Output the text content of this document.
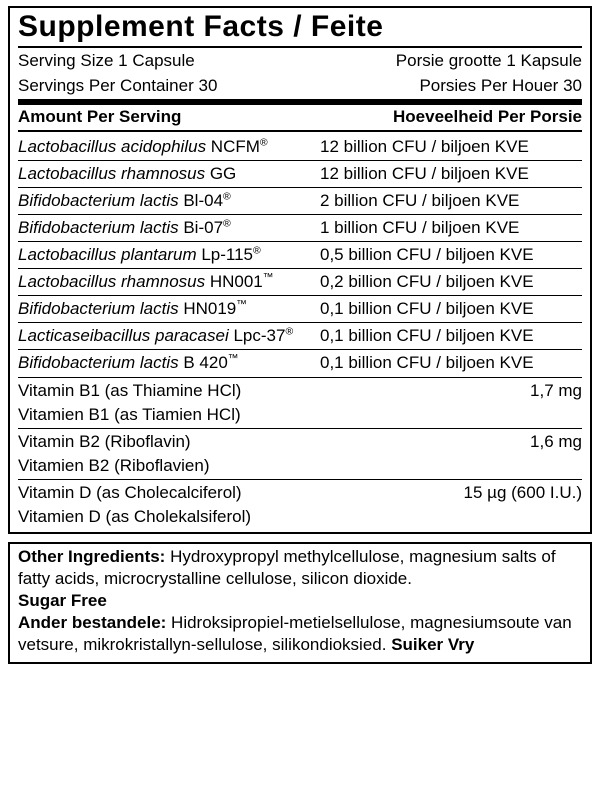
Supplement Facts / Feite
Serving Size 1 Capsule	Porsie grootte 1 Kapsule
Servings Per Container 30	Porsies Per Houer 30
Amount Per Serving	Hoeveelheid Per Porsie
Lactobacillus acidophilus NCFM®	12 billion CFU / biljoen KVE
Lactobacillus rhamnosus GG	12 billion CFU / biljoen KVE
Bifidobacterium lactis Bl-04®	2 billion CFU / biljoen KVE
Bifidobacterium lactis Bi-07®	1 billion CFU / biljoen KVE
Lactobacillus plantarum Lp-115®	0,5 billion CFU / biljoen KVE
Lactobacillus rhamnosus HN001™	0,2 billion CFU / biljoen KVE
Bifidobacterium lactis HN019™	0,1 billion CFU / biljoen KVE
Lacticaseibacillus paracasei Lpc-37®	0,1 billion CFU / biljoen KVE
Bifidobacterium lactis B 420™	0,1 billion CFU / biljoen KVE
Vitamin B1 (as Thiamine HCl)	1,7 mg
Vitamien B1 (as Tiamien HCl)	
Vitamin B2 (Riboflavin)	1,6 mg
Vitamien B2 (Riboflavien)	
Vitamin D (as Cholecalciferol)	15 µg (600 I.U.)
Vitamien D (as Cholekalsiferol)	

Other Ingredients: Hydroxypropyl methylcellulose, magnesium salts of fatty acids, microcrystalline cellulose, silicon dioxide.

Sugar Free

Ander bestandele: Hidroksipropiel-metielsellulose, magnesiumsoute van vetsure, mikrokristallyn-sellulose, silikondioksied. Suiker Vry
